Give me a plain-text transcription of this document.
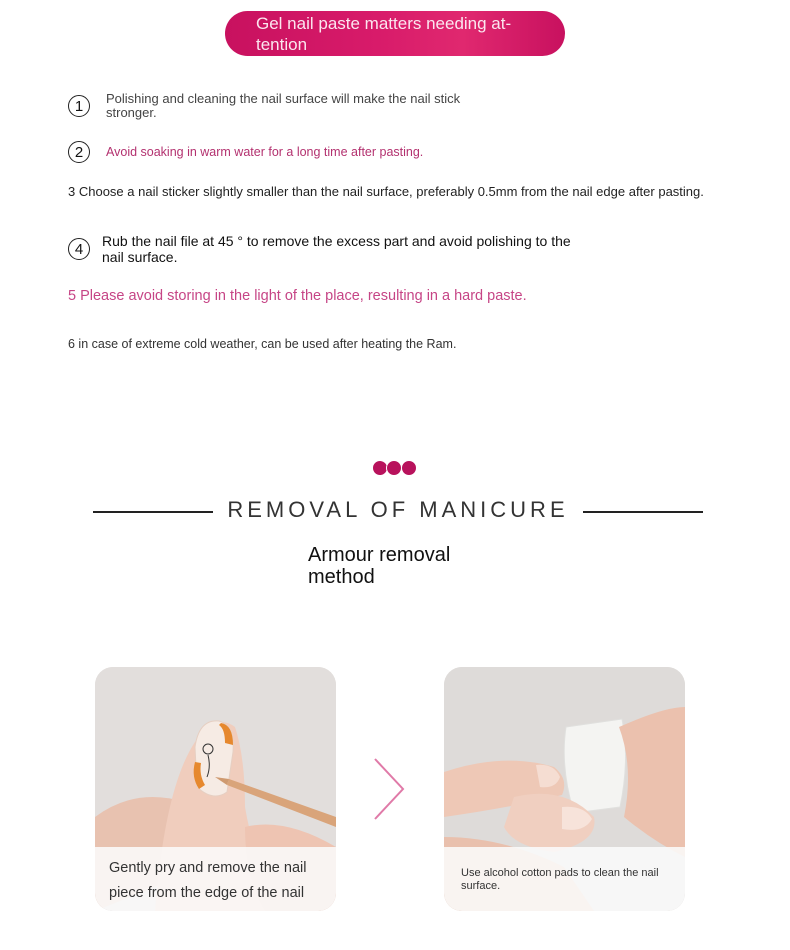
Gel nail paste matters needing at-tention
1	Polishing and cleaning the nail surface will make the nail stick stronger.
2	Avoid soaking in warm water for a long time after pasting.
3 Choose a nail sticker slightly smaller than the nail surface, preferably 0.5mm from the nail edge after pasting.
4	Rub the nail file at 45 ° to remove the excess part and avoid polishing to the nail surface.
5 Please avoid storing in the light of the place, resulting in a hard paste.
6 in case of extreme cold weather, can be used after heating the Ram.
REMOVAL OF MANICURE
Armour removal method
Gently pry and remove the nail piece from the edge of the nail
Use alcohol cotton pads to clean the nail surface.
